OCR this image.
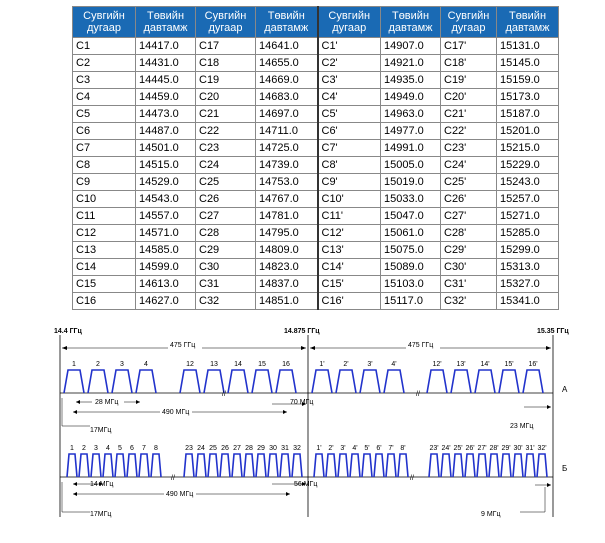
Сувгийн
дугаар	Төвийн
давтамж	Сувгийн
дугаар	Төвийн
давтамж	Сувгийн
дугаар	Төвийн
давтамж	Сувгийн
дугаар	Төвийн
давтамж

C1	14417.0	C17	14641.0	C1'	14907.0	C17'	15131.0
C2	14431.0	C18	14655.0	C2'	14921.0	C18'	15145.0
C3	14445.0	C19	14669.0	C3'	14935.0	C19'	15159.0
C4	14459.0	C20	14683.0	C4'	14949.0	C20'	15173.0
C5	14473.0	C21	14697.0	C5'	14963.0	C21'	15187.0
C6	14487.0	C22	14711.0	C6'	14977.0	C22'	15201.0
C7	14501.0	C23	14725.0	C7'	14991.0	C23'	15215.0
C8	14515.0	C24	14739.0	C8'	15005.0	C24'	15229.0
C9	14529.0	C25	14753.0	C9'	15019.0	C25'	15243.0
C10	14543.0	C26	14767.0	C10'	15033.0	C26'	15257.0
C11	14557.0	C27	14781.0	C11'	15047.0	C27'	15271.0
C12	14571.0	C28	14795.0	C12'	15061.0	C28'	15285.0
C13	14585.0	C29	14809.0	C13'	15075.0	C29'	15299.0
C14	14599.0	C30	14823.0	C14'	15089.0	C30'	15313.0
C15	14613.0	C31	14837.0	C15'	15103.0	C31'	15327.0
C16	14627.0	C32	14851.0	C16'	15117.0	C32'	15341.0
14.4 ГГц	14.875 ГГц	15.35 ГГц
475 ГГц	475 ГГц
1	2	3	4	12 13 14 15 16	1'	2'	3'	4'	12' 13' 14' 15' 16'
//	//
А
28 МГц
490 МГц
70 МГц
17МГц
23 МГц
1 2 3 4 5 6 7 8	23 24 25 26 27 28 29 30 31 32 1' 2' 3' 4' 5' 6' 7' 8'	23' 24' 25' 26' 27' 28' 29' 30' 31' 32'
//	//
Б
14 МГц
490 МГц
56 МГц
17МГц	9 МГц
